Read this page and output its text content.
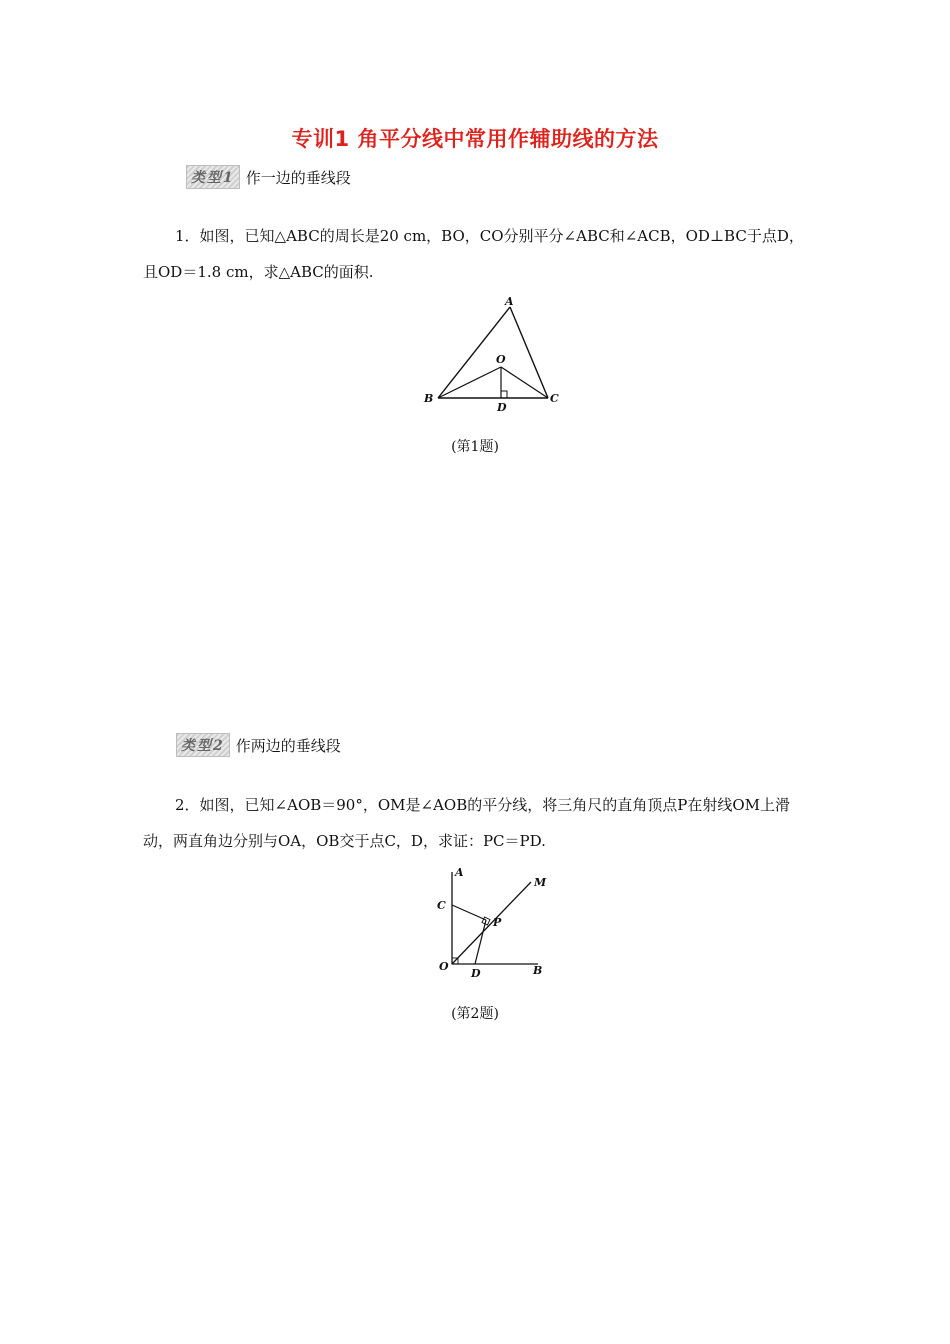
专训1 角平分线中常用作辅助线的方法
类型1 作一边的垂线段
1．如图，已知△ABC的周长是20 cm，BO，CO分别平分∠ABC和∠ACB，OD⊥BC于点D，且OD＝1.8 cm，求△ABC的面积.
A
O
B
D
C
(第1题)
类型2 作两边的垂线段
2．如图，已知∠AOB＝90°，OM是∠AOB的平分线，将三角尺的直角顶点P在射线OM上滑动，两直角边分别与OA，OB交于点C，D，求证：PC＝PD.
A
M
C
P
O
D	B
(第2题)
